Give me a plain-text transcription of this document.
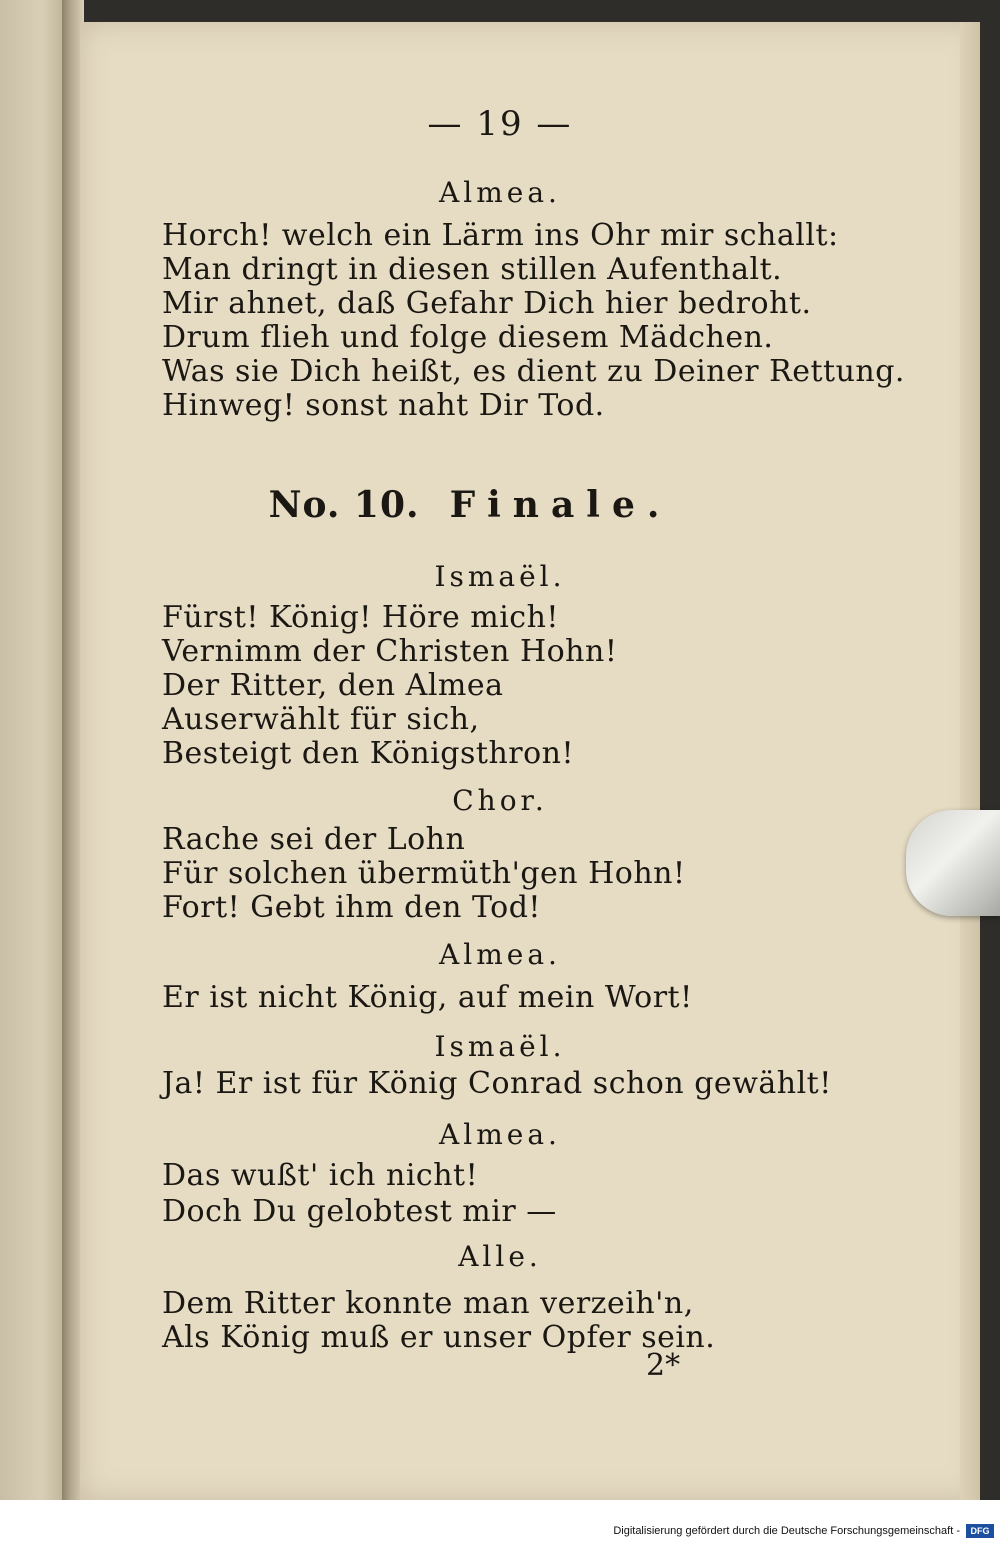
— 19 —
Almea.
Horch! welch ein Lärm ins Ohr mir schallt:
Man dringt in diesen stillen Aufenthalt.
Mir ahnet, daß Gefahr Dich hier bedroht.
Drum flieh und folge diesem Mädchen.
Was sie Dich heißt, es dient zu Deiner Rettung.
Hinweg! sonst naht Dir Tod.
No. 10. Finale.
Ismaël.
Fürst! König! Höre mich!
Vernimm der Christen Hohn!
Der Ritter, den Almea
Auserwählt für sich,
Besteigt den Königsthron!
Chor.
Rache sei der Lohn
Für solchen übermüth'gen Hohn!
Fort! Gebt ihm den Tod!
Almea.
Er ist nicht König, auf mein Wort!
Ismaël.
Ja! Er ist für König Conrad schon gewählt!
Almea.
Das wußt' ich nicht!
Doch Du gelobtest mir —
Alle.
Dem Ritter konnte man verzeih'n,
Als König muß er unser Opfer sein.
2*
Digitalisierung gefördert durch die Deutsche Forschungsgemeinschaft -	DFG
